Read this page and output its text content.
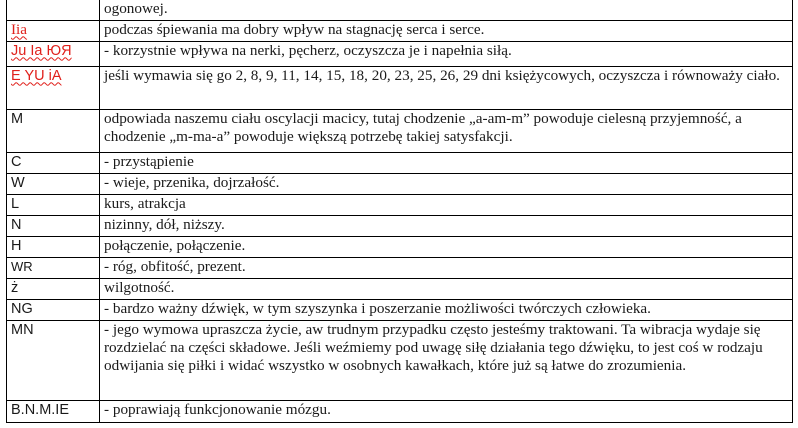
	ogonowej.
Iia	podczas śpiewania ma dobry wpływ na stagnację serca i serce.
Ju Ia ЮЯ	- korzystnie wpływa na nerki, pęcherz, oczyszcza je i napełnia siłą.
E YU iA	jeśli wymawia się go 2, 8, 9, 11, 14, 15, 18, 20, 23, 25, 26, 29 dni księżycowych, oczyszcza i równoważy ciało.
M	odpowiada naszemu ciału oscylacji macicy, tutaj chodzenie „a-am-m” powoduje cielesną przyjemność, a chodzenie „m-ma-a” powoduje większą potrzebę takiej satysfakcji.
C	- przystąpienie
W	- wieje, przenika, dojrzałość.
L	kurs, atrakcja
N	nizinny, dół, niższy.
H	połączenie, połączenie.
WR	- róg, obfitość, prezent.
ż	wilgotność.
NG	- bardzo ważny dźwięk, w tym szyszynka i poszerzanie możliwości twórczych człowieka.
MN	- jego wymowa upraszcza życie, aw trudnym przypadku często jesteśmy traktowani. Ta wibracja wydaje się rozdzielać na części składowe. Jeśli weźmiemy pod uwagę siłę działania tego dźwięku, to jest coś w rodzaju odwijania się piłki i widać wszystko w osobnych kawałkach, które już są łatwe do zrozumienia.
B.N.M.IE	- poprawiają funkcjonowanie mózgu.
